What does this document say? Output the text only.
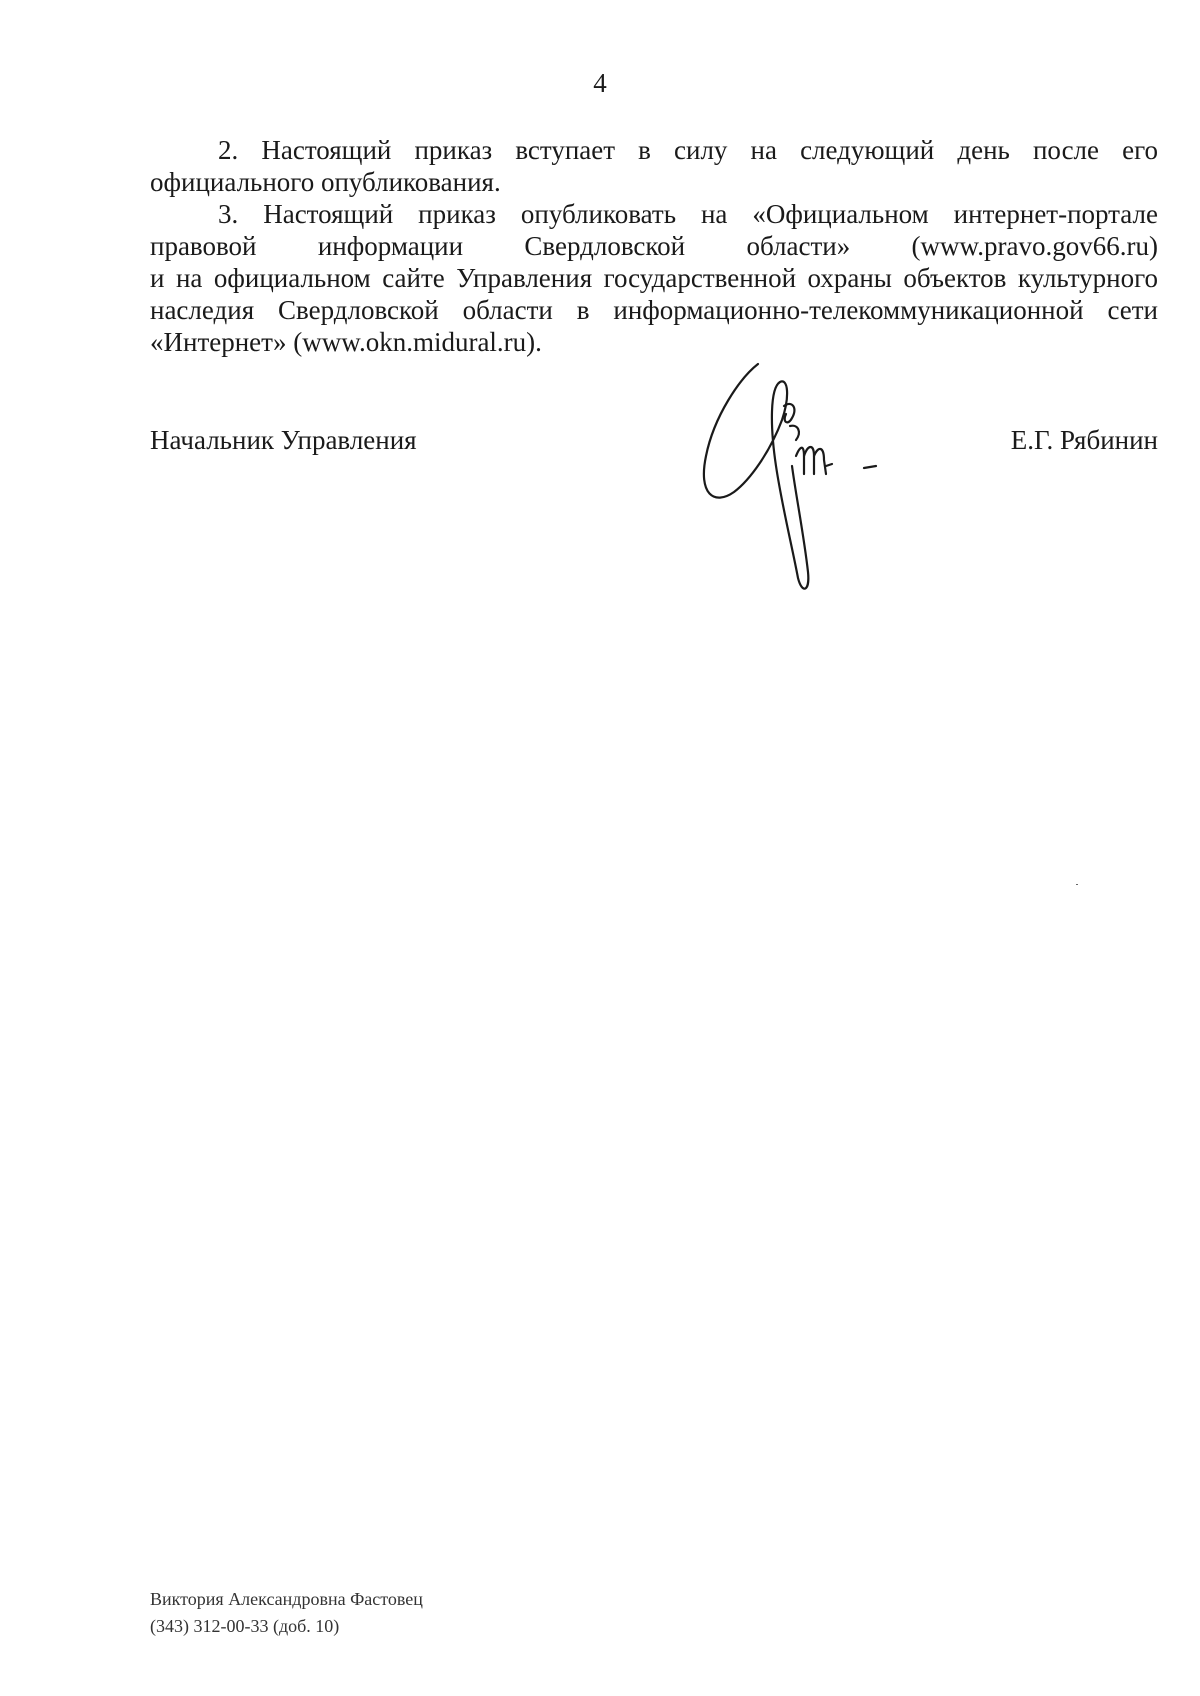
4

2. Настоящий приказ вступает в силу на следующий день после его
официального опубликования.

3. Настоящий приказ опубликовать на «Официальном интернет-портале
правовой информации Свердловской области» (www.pravo.gov66.ru)
и на официальном сайте Управления государственной охраны объектов культурного
наследия Свердловской области в информационно-телекоммуникационной сети
«Интернет» (www.okn.midural.ru).

Начальник Управления	Е.Г. Рябинин
Виктория Александровна Фастовец
(343) 312-00-33 (доб. 10)
